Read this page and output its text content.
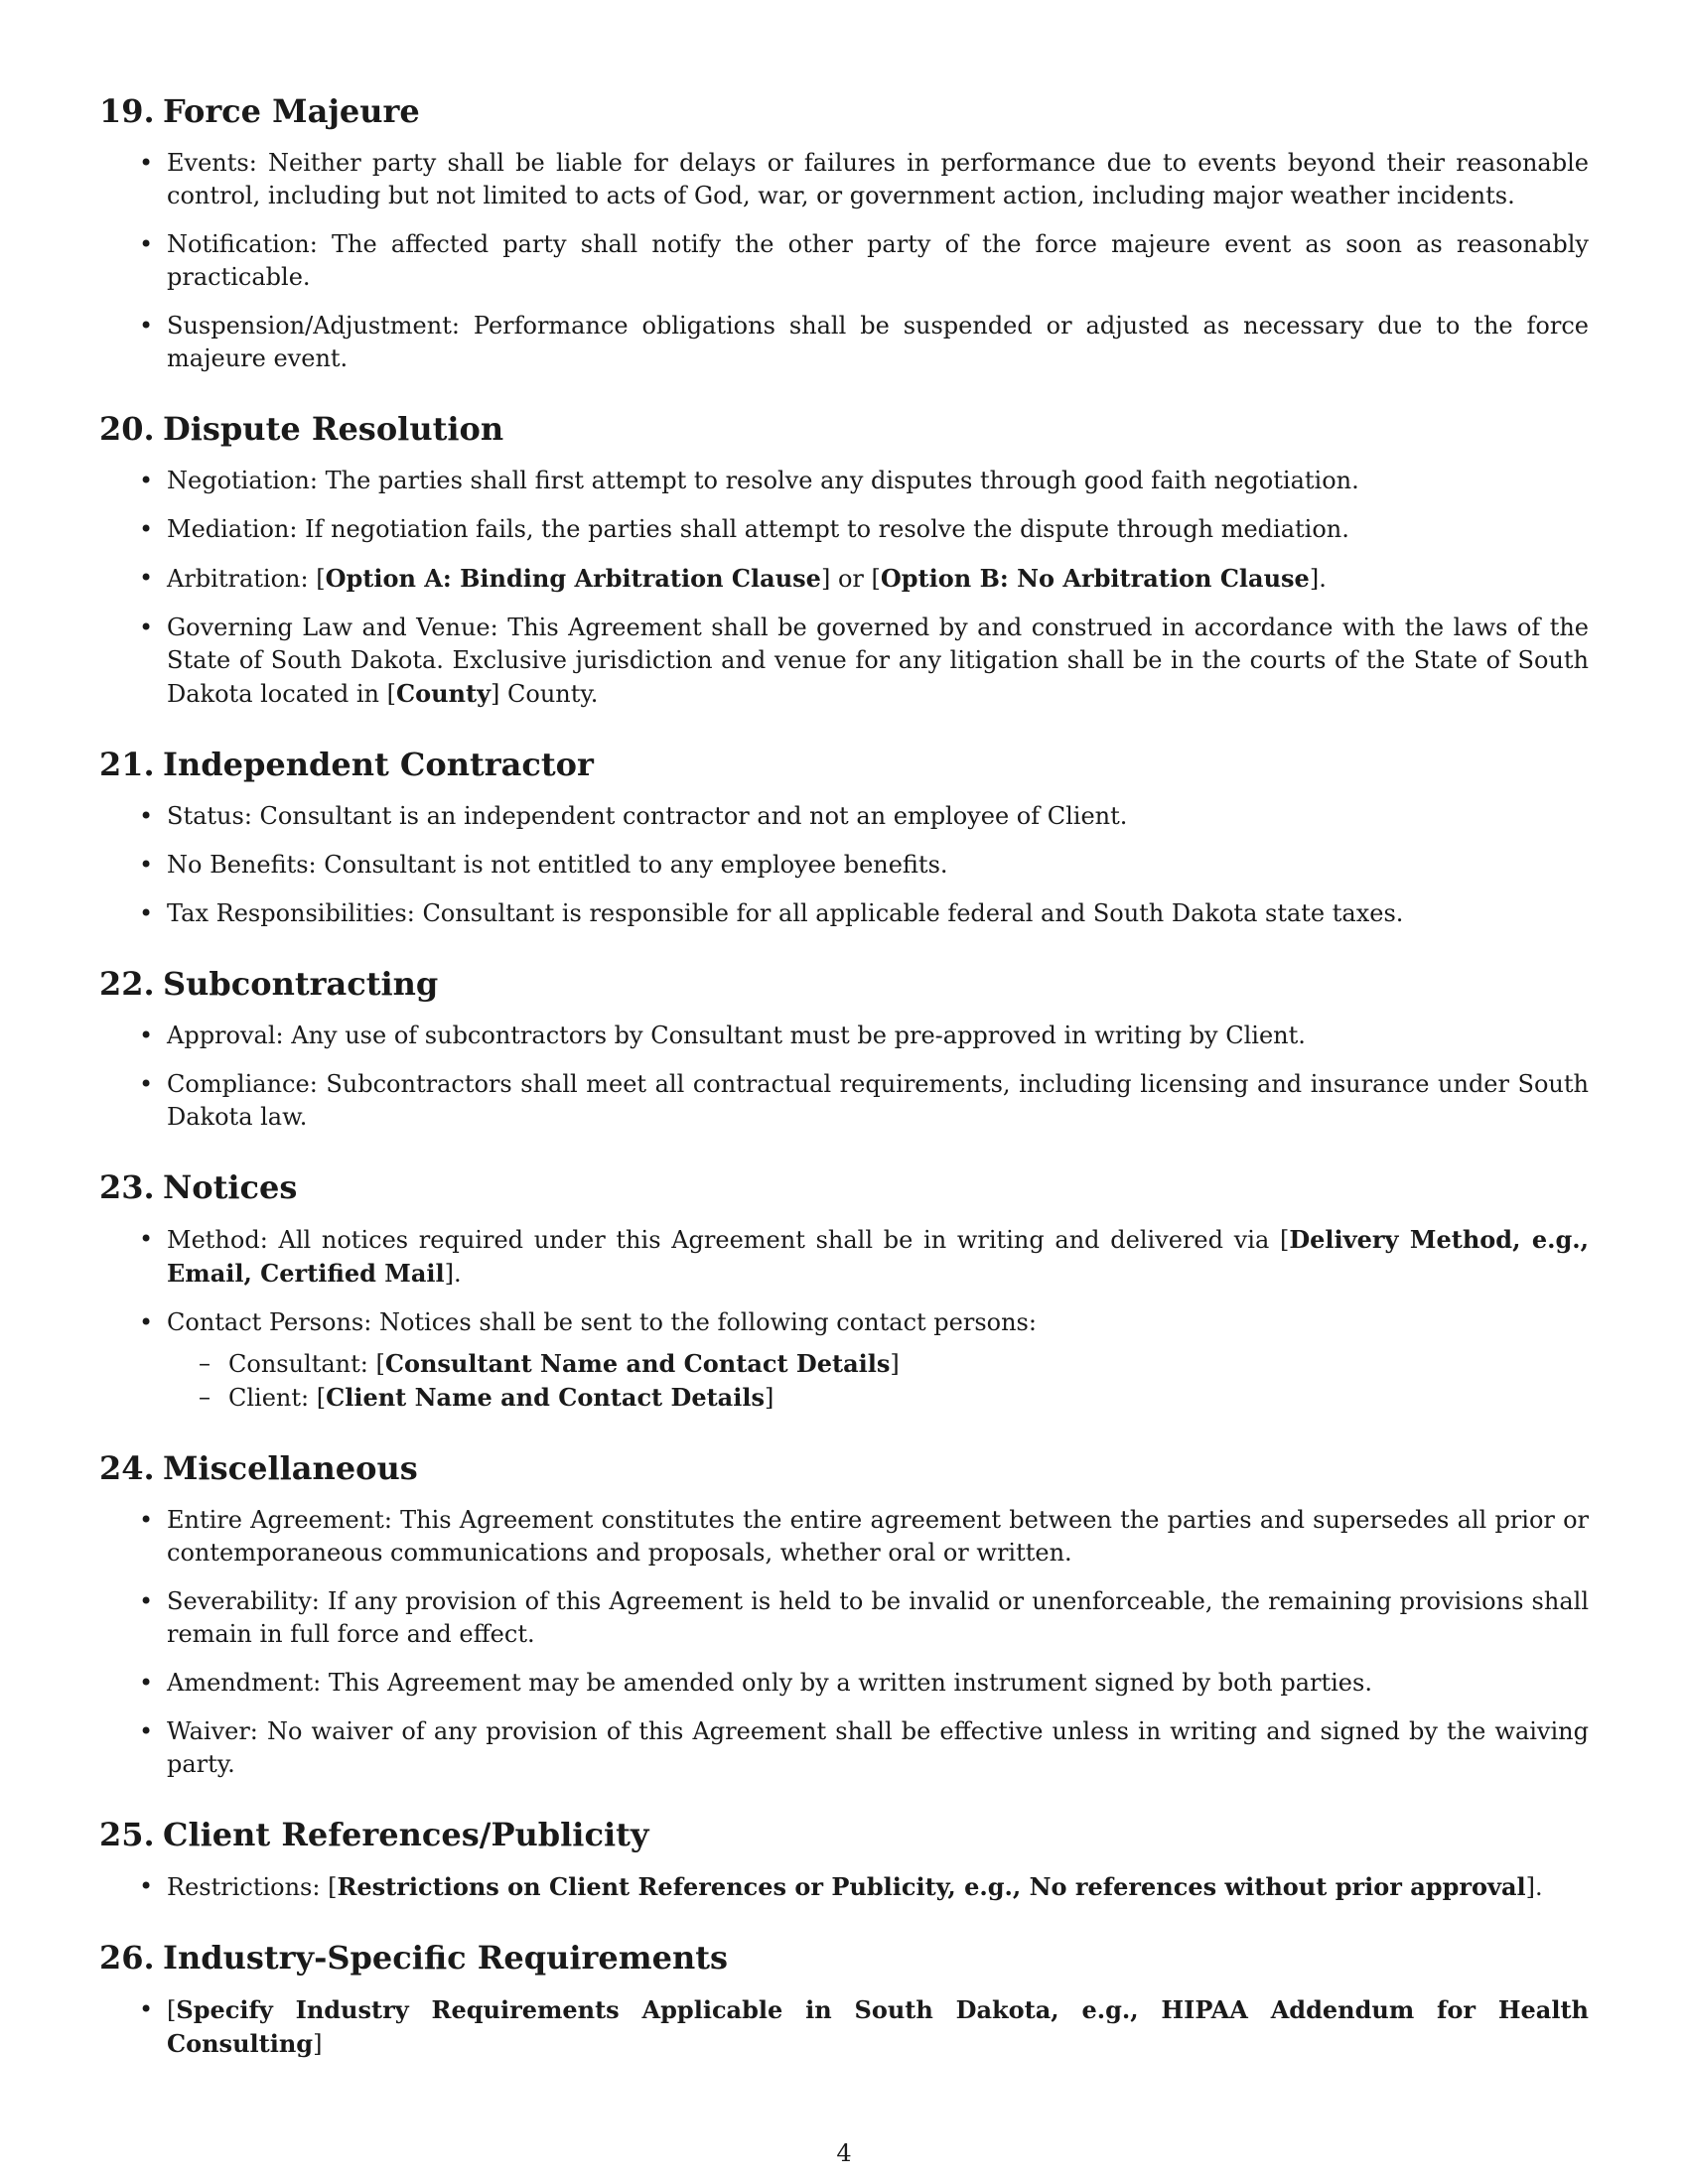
19. Force Majeure
• Events: Neither party shall be liable for delays or failures in performance due to events beyond their reasonable control, including but not limited to acts of God, war, or government action, including major weather incidents.
• Notification: The affected party shall notify the other party of the force majeure event as soon as reasonably practicable.
• Suspension/Adjustment: Performance obligations shall be suspended or adjusted as necessary due to the force majeure event.
20. Dispute Resolution
• Negotiation: The parties shall first attempt to resolve any disputes through good faith negotiation.
• Mediation: If negotiation fails, the parties shall attempt to resolve the dispute through mediation.
• Arbitration: [Option A: Binding Arbitration Clause] or [Option B: No Arbitration Clause].
• Governing Law and Venue: This Agreement shall be governed by and construed in accordance with the laws of the State of South Dakota. Exclusive jurisdiction and venue for any litigation shall be in the courts of the State of South Dakota located in [County] County.
21. Independent Contractor
• Status: Consultant is an independent contractor and not an employee of Client.
• No Benefits: Consultant is not entitled to any employee benefits.
• Tax Responsibilities: Consultant is responsible for all applicable federal and South Dakota state taxes.
22. Subcontracting
• Approval: Any use of subcontractors by Consultant must be pre-approved in writing by Client.
• Compliance: Subcontractors shall meet all contractual requirements, including licensing and insurance under South Dakota law.
23. Notices
• Method: All notices required under this Agreement shall be in writing and delivered via [Delivery Method, e.g., Email, Certified Mail].
• Contact Persons: Notices shall be sent to the following contact persons:
– Consultant: [Consultant Name and Contact Details]
– Client: [Client Name and Contact Details]
24. Miscellaneous
• Entire Agreement: This Agreement constitutes the entire agreement between the parties and supersedes all prior or contemporaneous communications and proposals, whether oral or written.
• Severability: If any provision of this Agreement is held to be invalid or unenforceable, the remaining provisions shall remain in full force and effect.
• Amendment: This Agreement may be amended only by a written instrument signed by both parties.
• Waiver: No waiver of any provision of this Agreement shall be effective unless in writing and signed by the waiving party.
25. Client References/Publicity
• Restrictions: [Restrictions on Client References or Publicity, e.g., No references without prior approval].
26. Industry-Specific Requirements
• [Specify Industry Requirements Applicable in South Dakota, e.g., HIPAA Addendum for Health Consulting]
4
